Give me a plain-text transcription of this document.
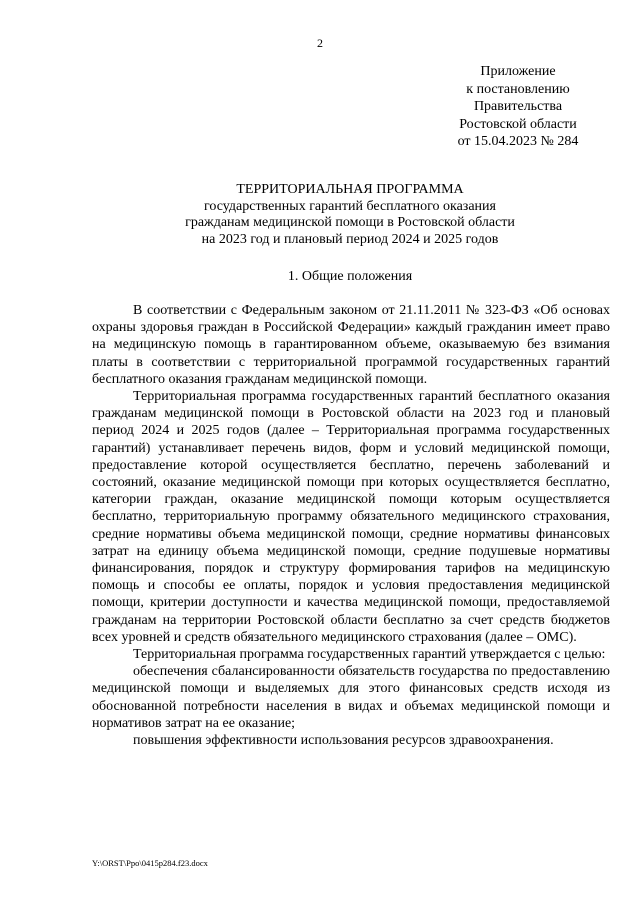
2
Приложение
к постановлению
Правительства
Ростовской области
от 15.04.2023 № 284
ТЕРРИТОРИАЛЬНАЯ ПРОГРАММА
государственных гарантий бесплатного оказания
гражданам медицинской помощи в Ростовской области
на 2023 год и плановый период 2024 и 2025 годов
1. Общие положения

В соответствии с Федеральным законом от 21.11.2011 № 323-ФЗ «Об основах охраны здоровья граждан в Российской Федерации» каждый гражданин имеет право на медицинскую помощь в гарантированном объеме, оказываемую без взимания платы в соответствии с территориальной программой государственных гарантий бесплатного оказания гражданам медицинской помощи.

Территориальная программа государственных гарантий бесплатного оказания гражданам медицинской помощи в Ростовской области на 2023 год и плановый период 2024 и 2025 годов (далее – Территориальная программа государственных гарантий) устанавливает перечень видов, форм и условий медицинской помощи, предоставление которой осуществляется бесплатно, перечень заболеваний и состояний, оказание медицинской помощи при которых осуществляется бесплатно, категории граждан, оказание медицинской помощи которым осуществляется бесплатно, территориальную программу обязательного медицинского страхования, средние нормативы объема медицинской помощи, средние нормативы финансовых затрат на единицу объема медицинской помощи, средние подушевые нормативы финансирования, порядок и структуру формирования тарифов на медицинскую помощь и способы ее оплаты, порядок и условия предоставления медицинской помощи, критерии доступности и качества медицинской помощи, предоставляемой гражданам на территории Ростовской области бесплатно за счет средств бюджетов всех уровней и средств обязательного медицинского страхования (далее – ОМС).

Территориальная программа государственных гарантий утверждается с целью:

обеспечения сбалансированности обязательств государства по предоставлению медицинской помощи и выделяемых для этого финансовых средств исходя из обоснованной потребности населения в видах и объемах медицинской помощи и нормативов затрат на ее оказание;

повышения эффективности использования ресурсов здравоохранения.

Y:\ORST\Ppo\0415p284.f23.docx
